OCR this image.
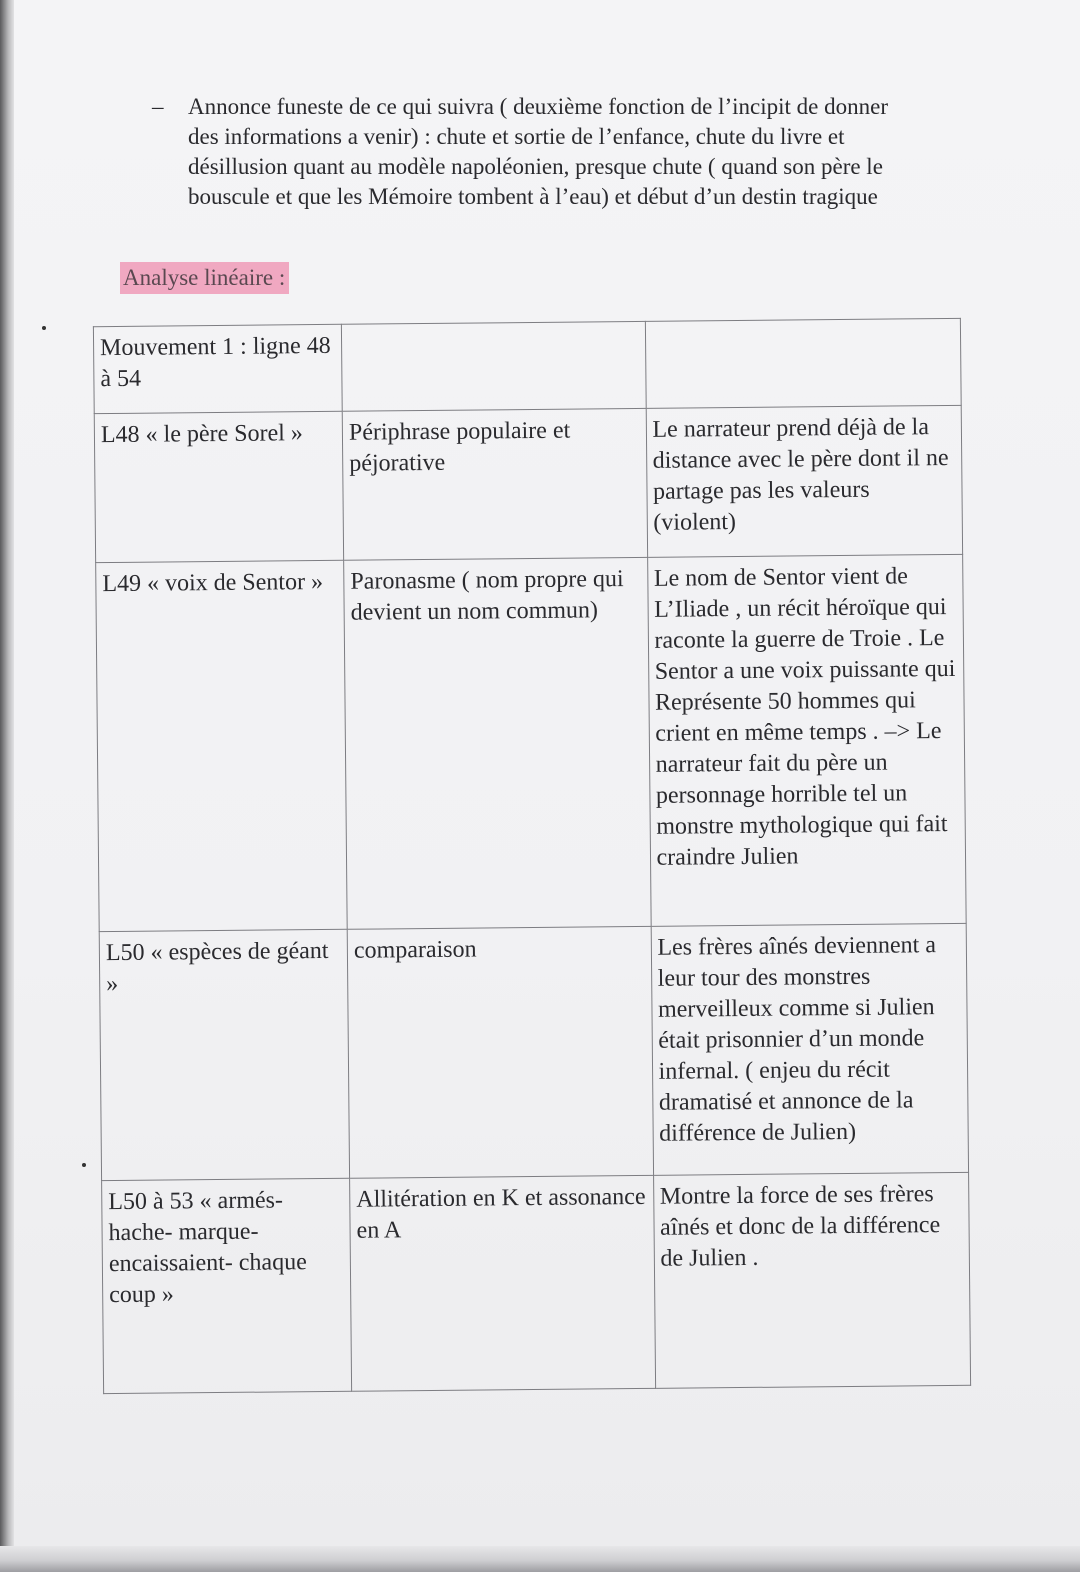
–	Annonce funeste de ce qui suivra ( deuxième fonction de l’incipit de donner des informations a venir) : chute et sortie de l’enfance, chute du livre et désillusion quant au modèle napoléonien, presque chute ( quand son père le bouscule et que les Mémoire tombent à l’eau) et début d’un destin tragique
Analyse linéaire :
Mouvement 1 : ligne 48 à 54		
L48 « le père Sorel »	Périphrase populaire et péjorative	Le narrateur prend déjà de la distance avec le père dont il ne partage pas les valeurs (violent)
L49 « voix de Sentor »	Paronasme ( nom propre qui devient un nom commun)	Le nom de Sentor vient de L’Iliade , un récit héroïque qui raconte la guerre de Troie . Le Sentor a une voix puissante qui Représente 50 hommes qui crient en même temps . –> Le narrateur fait du père un personnage horrible tel un monstre mythologique qui fait craindre Julien
L50 « espèces de géant »	comparaison	Les frères aînés deviennent a leur tour des monstres merveilleux comme si Julien était prisonnier d’un monde infernal. ( enjeu du récit dramatisé et annonce de la différence de Julien)
L50 à 53 « armés- hache- marque- encaissaient- chaque coup »	Allitération en K et assonance en A	Montre la force de ses frères aînés et donc de la différence de Julien .
